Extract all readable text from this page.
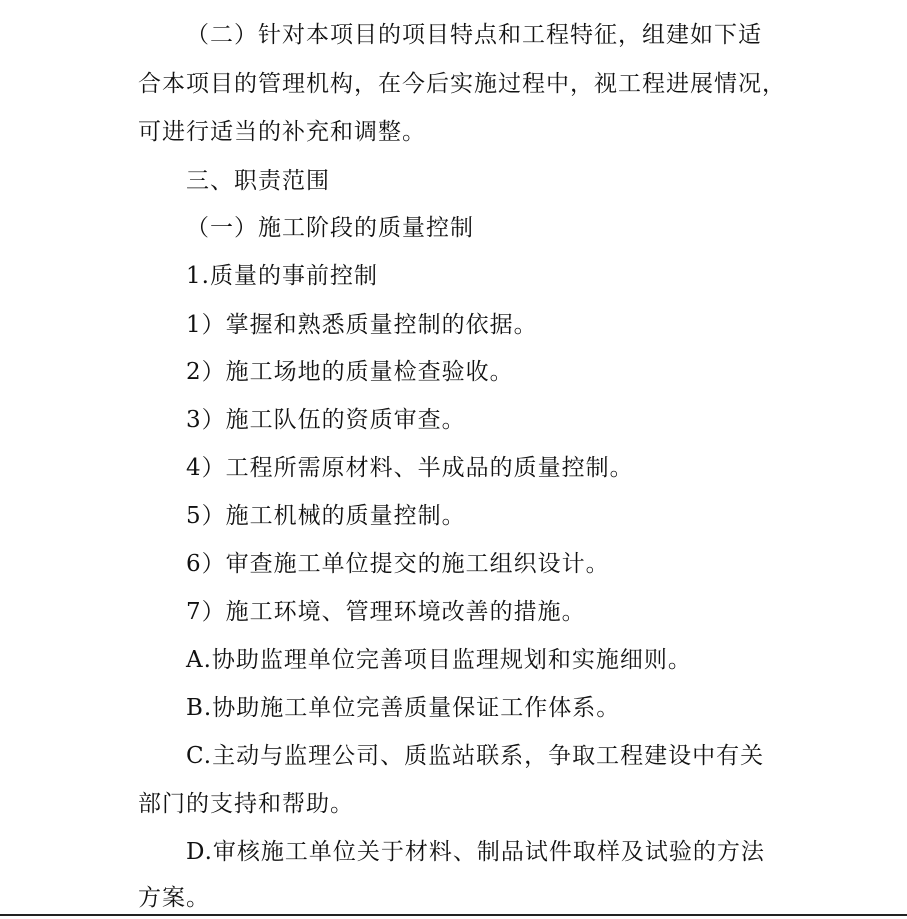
（二）针对本项目的项目特点和工程特征，组建如下适
合本项目的管理机构，在今后实施过程中，视工程进展情况，
可进行适当的补充和调整。
三、职责范围
（一）施工阶段的质量控制
1.质量的事前控制
1）掌握和熟悉质量控制的依据。
2）施工场地的质量检查验收。
3）施工队伍的资质审查。
4）工程所需原材料、半成品的质量控制。
5）施工机械的质量控制。
6）审查施工单位提交的施工组织设计。
7）施工环境、管理环境改善的措施。
A.协助监理单位完善项目监理规划和实施细则。
B.协助施工单位完善质量保证工作体系。
C.主动与监理公司、质监站联系，争取工程建设中有关
部门的支持和帮助。
D.审核施工单位关于材料、制品试件取样及试验的方法
方案。
